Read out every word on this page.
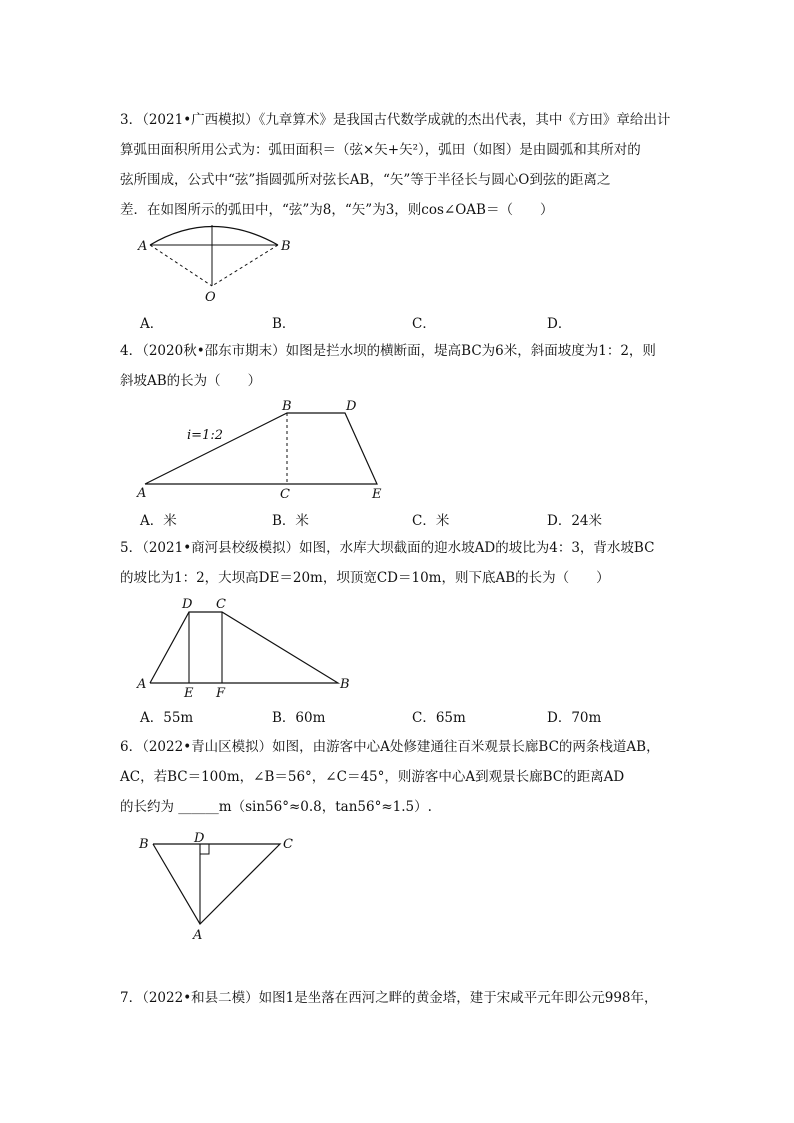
3．（2021•广西模拟）《九章算术》是我国古代数学成就的杰出代表，其中《方田》章给出计
算弧田面积所用公式为：弧田面积＝（弦×矢+矢²），弧田（如图）是由圆弧和其所对的
弦所围成，公式中“弦”指圆弧所对弦长AB，“矢”等于半径长与圆心O到弦的距离之
差．在如图所示的弧田中，“弦”为8，“矢”为3，则cos∠OAB＝（　　）
A	B
O
A．	B．	C．	D．
4．（2020秋•邵东市期末）如图是拦水坝的横断面，堤高BC为6米，斜面坡度为1：2，则
斜坡AB的长为（　　）
B	D
i=1:2
A	C	E
A．米	B．米	C．米	D．24米
5．（2021•商河县校级模拟）如图，水库大坝截面的迎水坡AD的坡比为4：3，背水坡BC
的坡比为1：2，大坝高DE＝20m，坝顶宽CD＝10m，则下底AB的长为（　　）
D C
A
E F
B
A．55m	B．60m	C．65m	D．70m
6．（2022•青山区模拟）如图，由游客中心A处修建通往百米观景长廊BC的两条栈道AB，
AC，若BC＝100m，∠B＝56°，∠C＝45°，则游客中心A到观景长廊BC的距离AD
的长约为 ______m（sin56°≈0.8，tan56°≈1.5）.
B	D	C
A
7．（2022•和县二模）如图1是坐落在西河之畔的黄金塔，建于宋咸平元年即公元998年，
